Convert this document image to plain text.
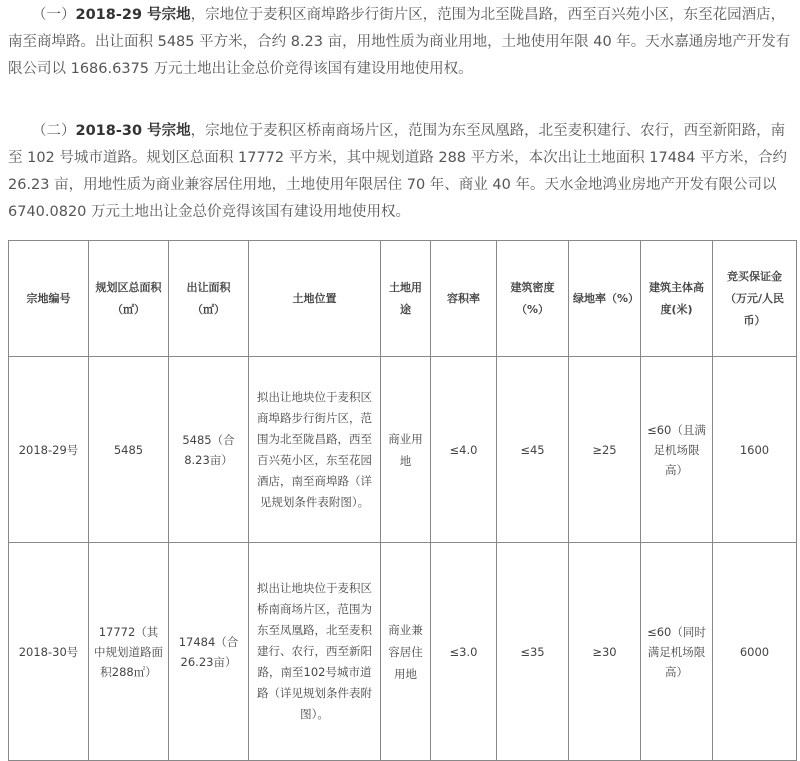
（一）2018-29 号宗地，宗地位于麦积区商埠路步行街片区，范围为北至陇昌路，西至百兴苑小区，东至花园酒店，南至商埠路。出让面积 5485 平方米，合约 8.23 亩，用地性质为商业用地，土地使用年限 40 年。天水嘉通房地产开发有限公司以 1686.6375 万元土地出让金总价竞得该国有建设用地使用权。

（二）2018-30 号宗地，宗地位于麦积区桥南商场片区，范围为东至凤凰路，北至麦积建行、农行，西至新阳路，南至 102 号城市道路。规划区总面积 17772 平方米，其中规划道路 288 平方米，本次出让土地面积 17484 平方米，合约26.23 亩，用地性质为商业兼容居住用地，土地使用年限居住 70 年、商业 40 年。天水金地鸿业房地产开发有限公司以6740.0820 万元土地出让金总价竞得该国有建设用地使用权。

宗地编号	规划区总面积（㎡）	出让面积（㎡）	土地位置	土地用途	容积率	建筑密度（%）	绿地率（%）	建筑主体高度(米)	竞买保证金（万元/人民币）
2018-29号	5485	5485（合8.23亩）	拟出让地块位于麦积区商埠路步行街片区，范围为北至陇昌路，西至百兴苑小区，东至花园酒店，南至商埠路（详见规划条件表附图）。	商业用地	≤4.0	≤45	≥25	≤60（且满足机场限高）	1600
2018-30号	17772（其中规划道路面积288㎡）	17484（合26.23亩）	拟出让地块位于麦积区桥南商场片区，范围为东至凤凰路，北至麦积建行、农行，西至新阳路，南至102号城市道路（详见规划条件表附图）。	商业兼容居住用地	≤3.0	≤35	≥30	≤60（同时满足机场限高）	6000
